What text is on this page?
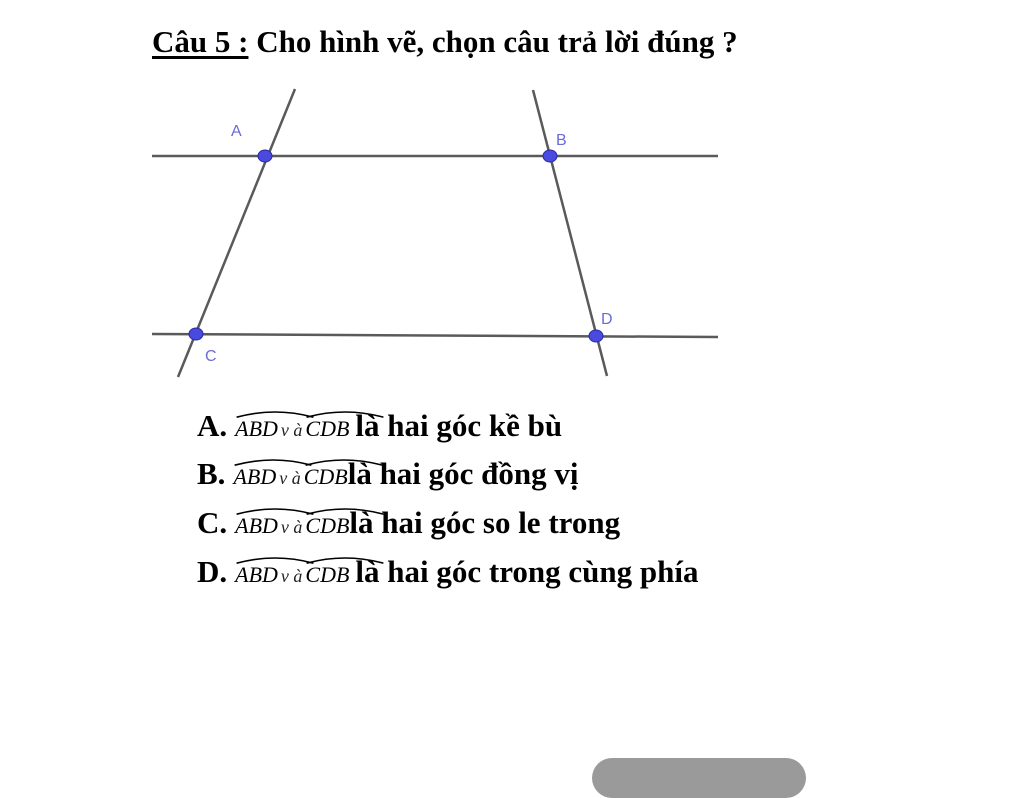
Câu 5 : Cho hình vẽ, chọn câu trả lời đúng ?
A
B
C
D
A. ABD v à CDB là hai góc kề bù
B. ABD v à CDB là hai góc đồng vị
C. ABD v à CDB là hai góc so le trong
D. ABD v à CDB là hai góc trong cùng phía
